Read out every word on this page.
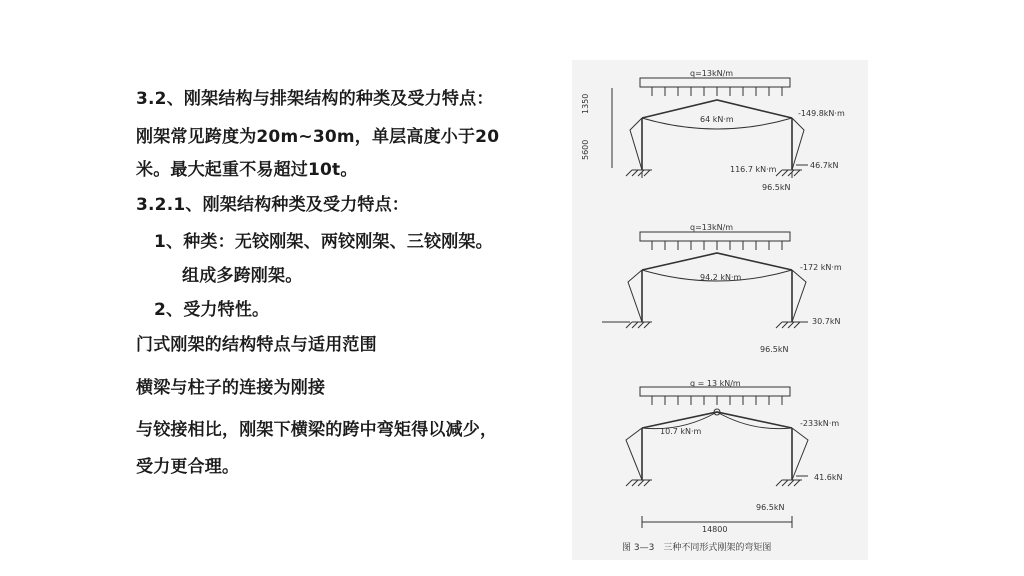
3.2、刚架结构与排架结构的种类及受力特点：
刚架常见跨度为20m~30m，单层高度小于20
米。最大起重不易超过10t。
3.2.1、刚架结构种类及受力特点：
1、种类：无铰刚架、两铰刚架、三铰刚架。
组成多跨刚架。
2、受力特性。
门式刚架的结构特点与适用范围
横梁与柱子的连接为刚接
与铰接相比，刚架下横梁的跨中弯矩得以减少，
受力更合理。
q=13kN/m
1350
5600
64 kN·m
-149.8kN·m
116.7 kN·m	46.7kN
96.5kN
q=13kN/m
94.2 kN·m
-172 kN·m
30.7kN
96.5kN
q = 13 kN/m
10.7 kN·m
-233kN·m
41.6kN
96.5kN
14800
图 3—3　三种不同形式刚架的弯矩图
